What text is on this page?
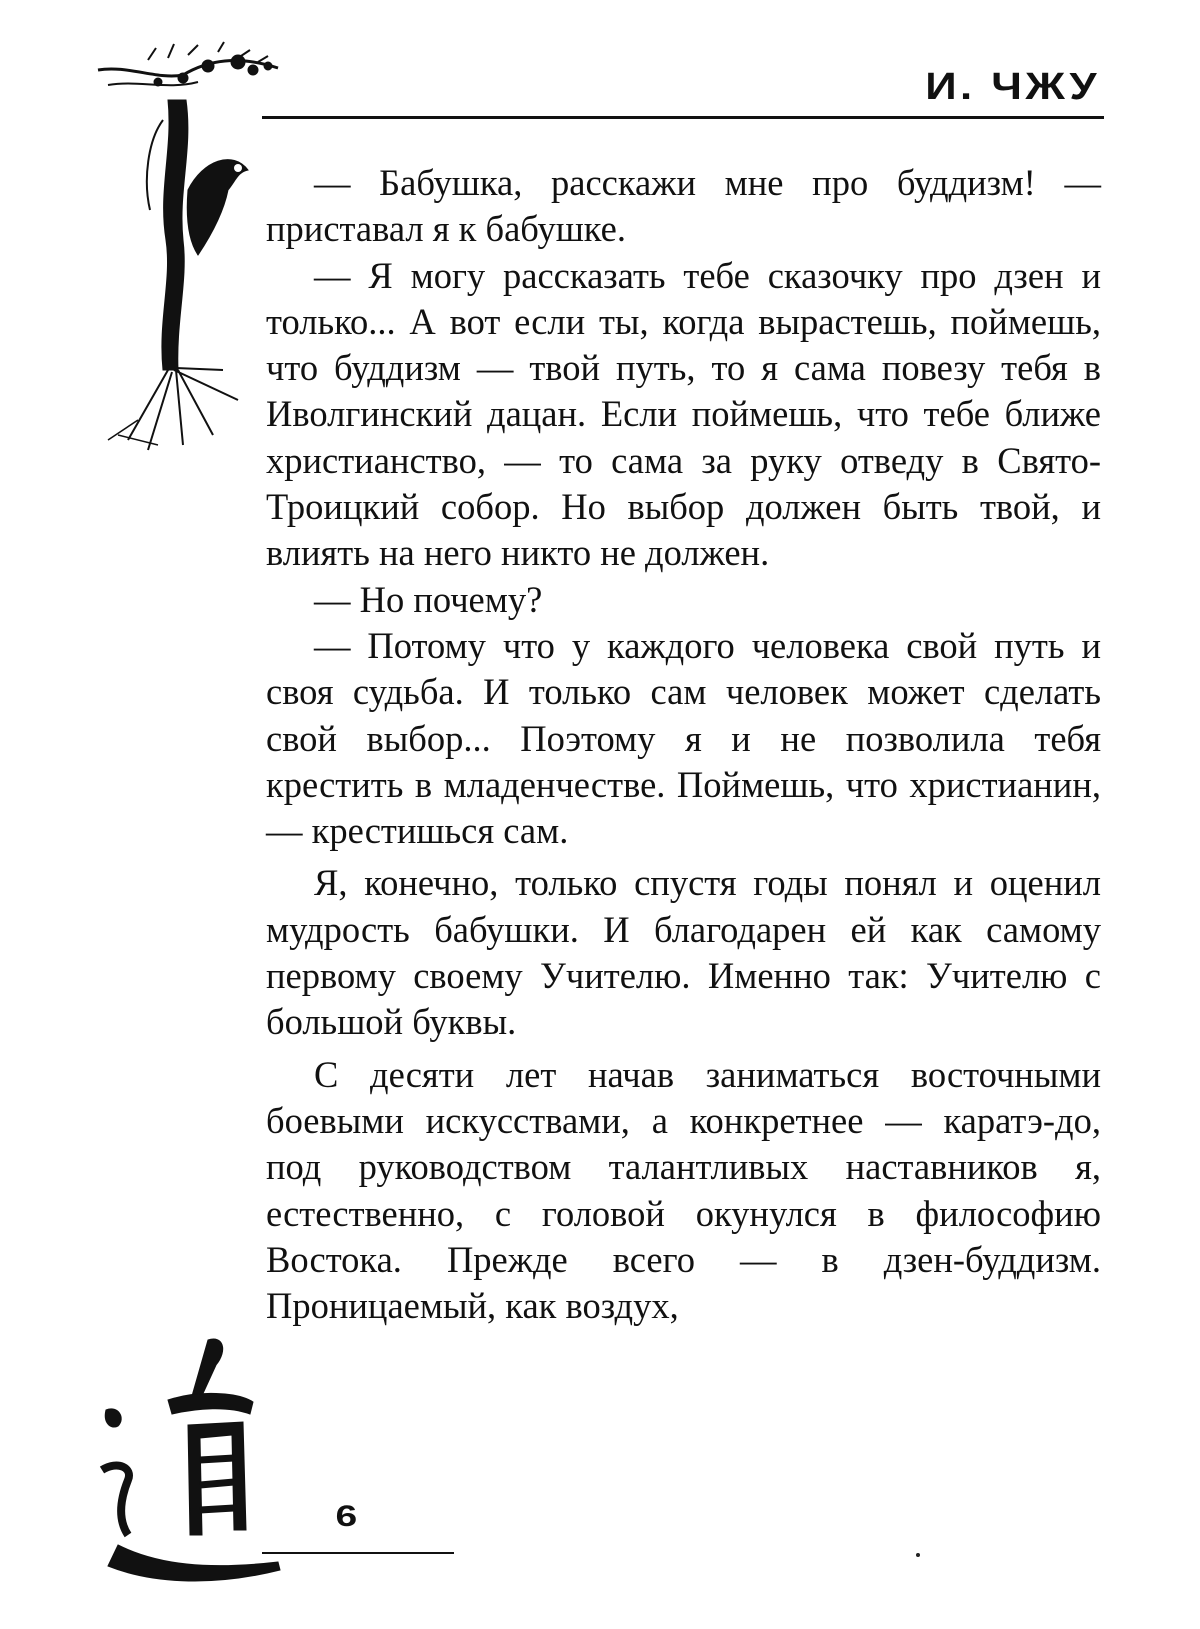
И. ЧЖУ

— Бабушка, расскажи мне про буддизм! — приставал я к бабушке.

— Я могу рассказать тебе сказочку про дзен и только... А вот если ты, когда вырастешь, поймешь, что буддизм — твой путь, то я сама повезу тебя в Иволгинский дацан. Если поймешь, что тебе ближе христианство, — то сама за руку отведу в Свято-Троицкий собор. Но выбор должен быть твой, и влиять на него никто не должен.

— Но почему?

— Потому что у каждого человека свой путь и своя судьба. И только сам человек может сделать свой выбор... Поэтому я и не позволила тебя крестить в младенчестве. Поймешь, что христианин, — крестишься сам.

Я, конечно, только спустя годы понял и оценил мудрость бабушки. И благодарен ей как самому первому своему Учителю. Именно так: Учителю с большой буквы.

С десяти лет начав заниматься восточными боевыми искусствами, а конкретнее — каратэ-до, под руководством талантливых наставников я, естественно, с головой окунулся в философию Востока. Прежде всего — в дзен-буддизм. Проницаемый, как воздух,

6
